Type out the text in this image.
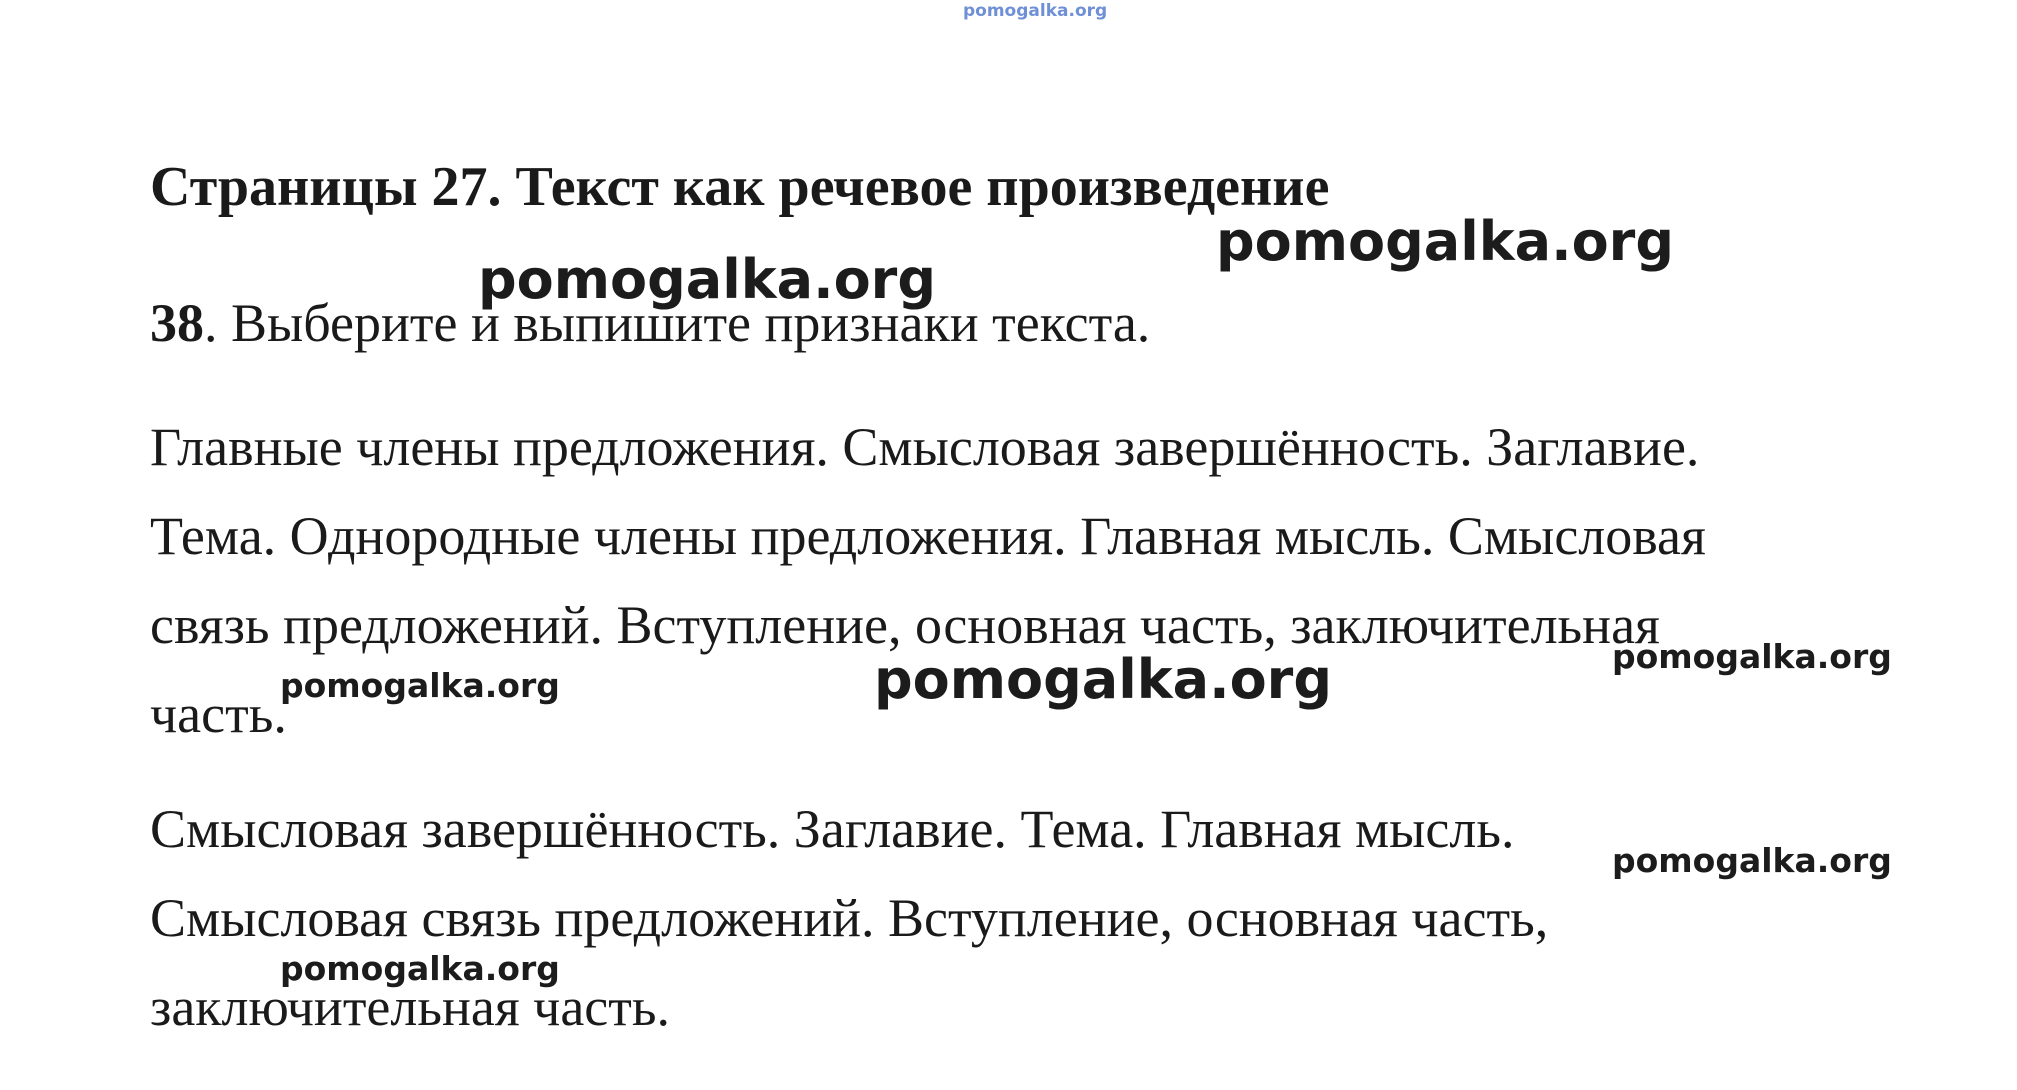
pomogalka.org
Страницы 27. Текст как речевое произведение

38. Выберите и выпишите признаки текста.

Главные члены предложения. Смысловая завершённость. Заглавие.
Тема. Однородные члены предложения. Главная мысль. Смысловая
связь предложений. Вступление, основная часть, заключительная
часть.

Смысловая завершённость. Заглавие. Тема. Главная мысль.
Смысловая связь предложений. Вступление, основная часть,
заключительная часть.

pomogalka.org
pomogalka.org
pomogalka.org	pomogalka.org
pomogalka.org
pomogalka.org
pomogalka.org
